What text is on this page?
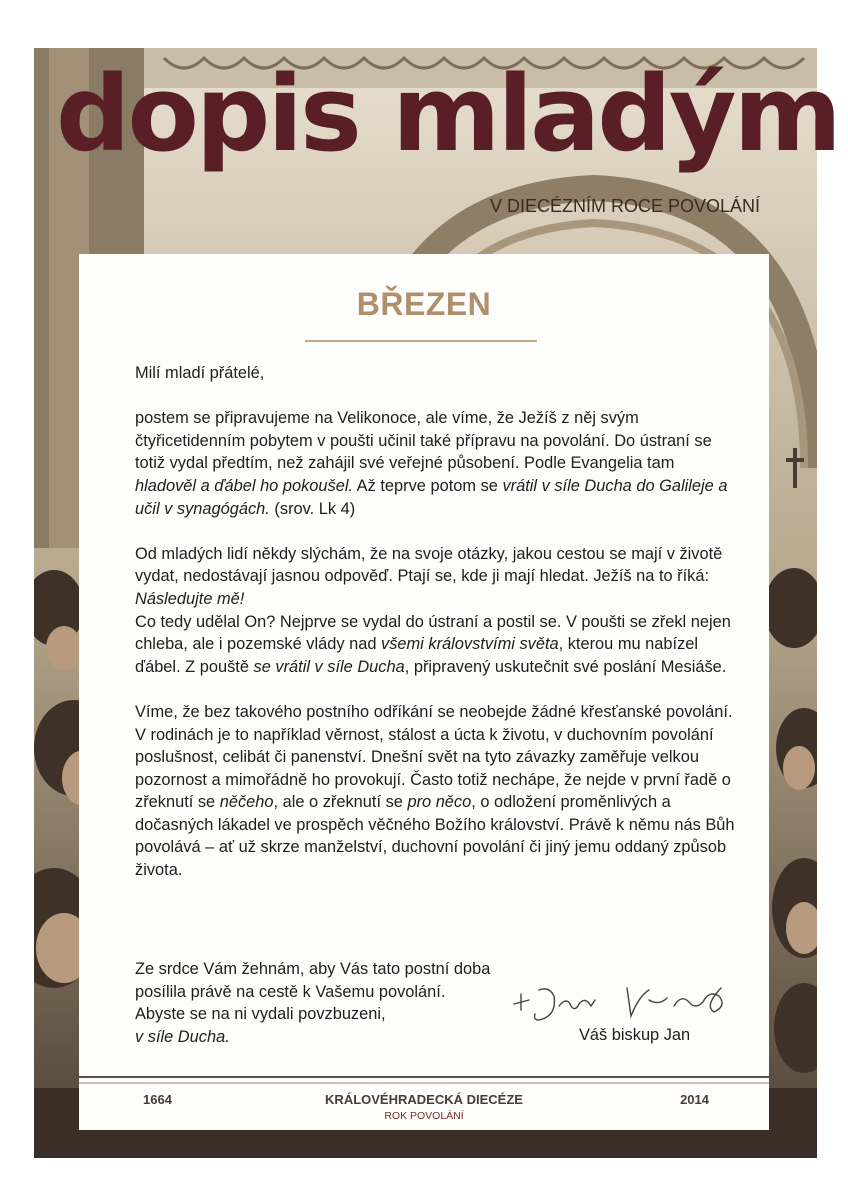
dopis mladým
V DIECÉZNÍM ROCE POVOLÁNÍ
BŘEZEN

Milí mladí přátelé,

postem se připravujeme na Velikonoce, ale víme, že Ježíš z něj svým čtyřicetidenním pobytem v poušti učinil také přípravu na povolání. Do ústraní se totiž vydal předtím, než zahájil své veřejné působení. Podle Evangelia tam hladověl a ďábel ho pokoušel. Až teprve potom se vrátil v síle Ducha do Galileje a učil v synagógách. (srov. Lk 4)

Od mladých lidí někdy slýchám, že na svoje otázky, jakou cestou se mají v životě vydat, nedostávají jasnou odpověď. Ptají se, kde ji mají hledat. Ježíš na to říká: Následujte mě!
Co tedy udělal On? Nejprve se vydal do ústraní a postil se. V poušti se zřekl nejen chleba, ale i pozemské vlády nad všemi královstvími světa, kterou mu nabízel ďábel. Z pouště se vrátil v síle Ducha, připravený uskutečnit své poslání Mesiáše.

Víme, že bez takového postního odříkání se neobejde žádné křesťanské povolání. V rodinách je to například věrnost, stálost a úcta k životu, v duchovním povolání poslušnost, celibát či panenství. Dnešní svět na tyto závazky zaměřuje velkou pozornost a mimořádně ho provokují. Často totiž nechápe, že nejde v první řadě o zřeknutí se něčeho, ale o zřeknutí se pro něco, o odložení proměnlivých a dočasných lákadel ve prospěch věčného Božího království. Právě k němu nás Bůh povolává – ať už skrze manželství, duchovní povolání či jiný jemu oddaný způsob života.

Ze srdce Vám žehnám, aby Vás tato postní doba
posílila právě na cestě k Vašemu povolání.
Abyste se na ni vydali povzbuzeni,
v síle Ducha.	Váš biskup Jan
1664	KRÁLOVÉHRADECKÁ DIECÉZE
ROK POVOLÁNÍ
2014
